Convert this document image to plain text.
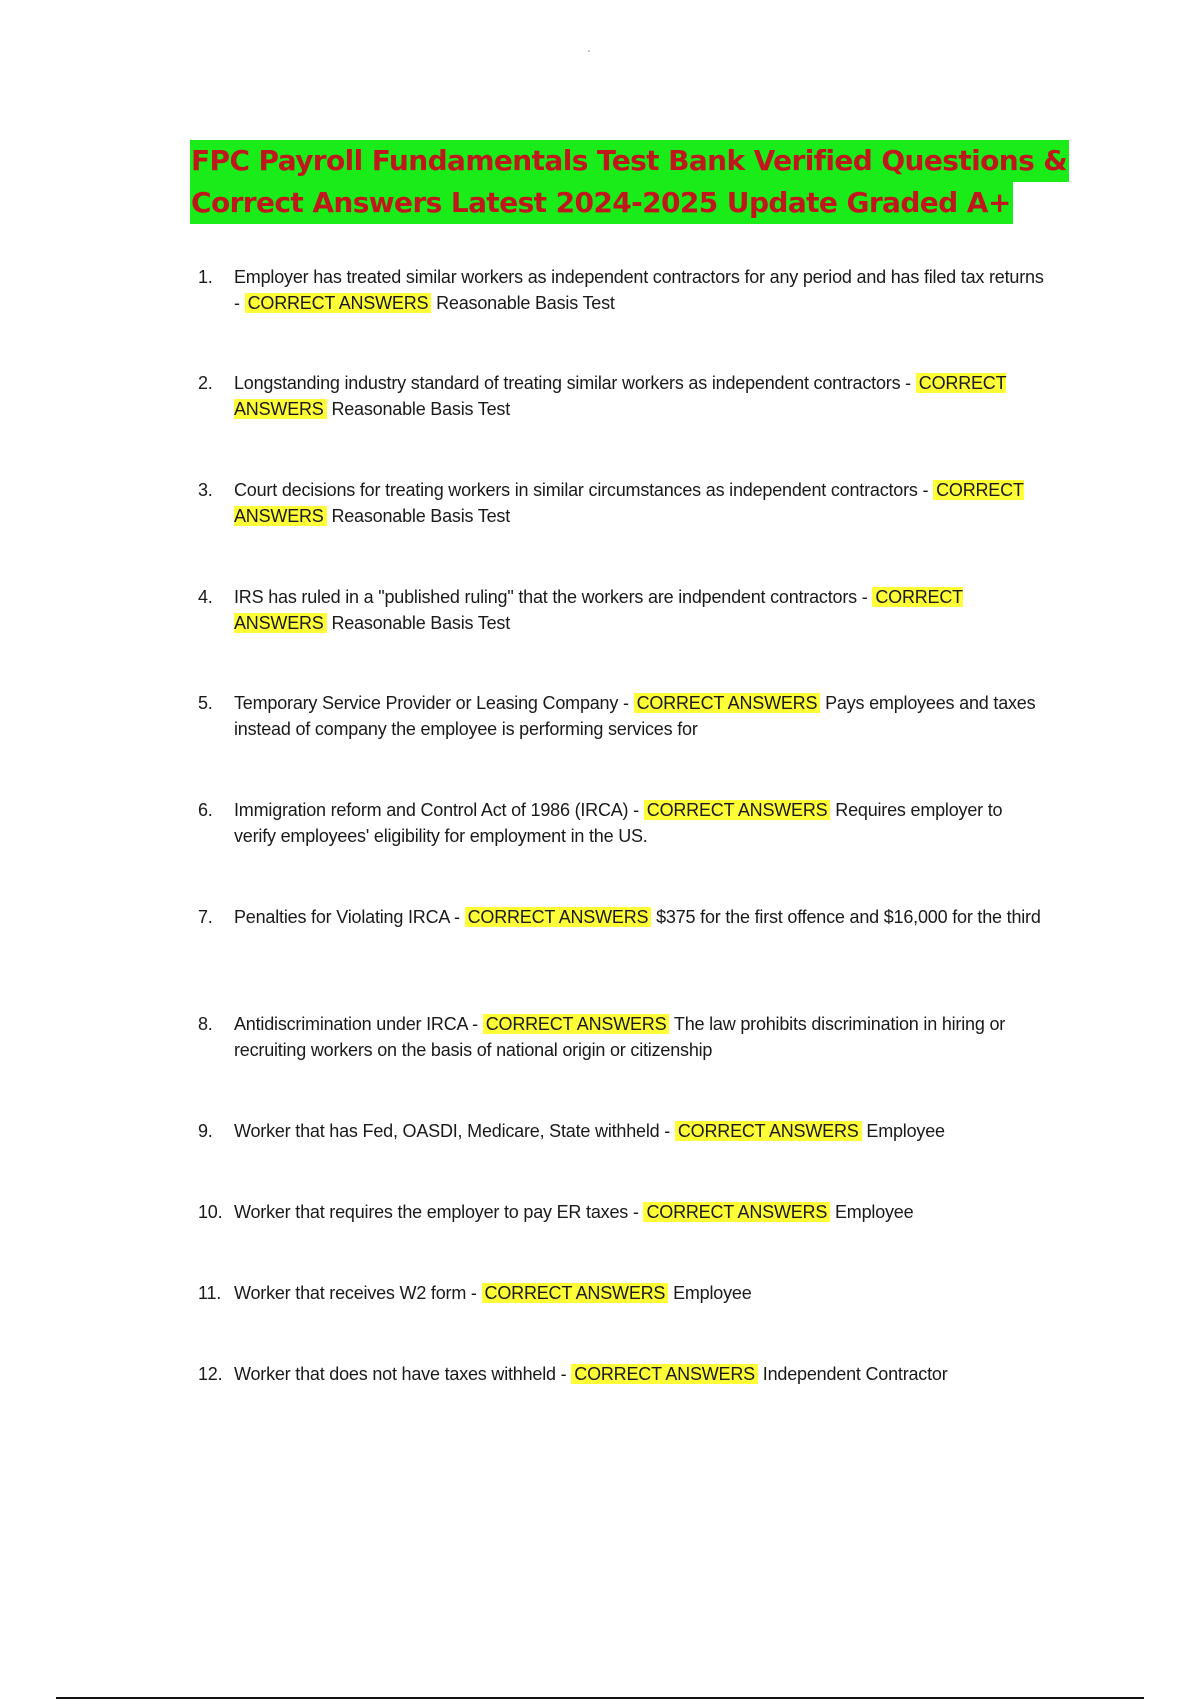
FPC Payroll Fundamentals Test Bank Verified Questions &
Correct Answers Latest 2024-2025 Update Graded A+
1.	Employer has treated similar workers as independent contractors for any period and has filed tax returns - CORRECT ANSWERS Reasonable Basis Test
2.	Longstanding industry standard of treating similar workers as independent contractors - CORRECT ANSWERS Reasonable Basis Test
3.	Court decisions for treating workers in similar circumstances as independent contractors - CORRECT ANSWERS Reasonable Basis Test
4.	IRS has ruled in a "published ruling" that the workers are indpendent contractors - CORRECT ANSWERS Reasonable Basis Test
5.	Temporary Service Provider or Leasing Company - CORRECT ANSWERS Pays employees and taxes instead of company the employee is performing services for
6.	Immigration reform and Control Act of 1986 (IRCA) - CORRECT ANSWERS Requires employer to verify employees' eligibility for employment in the US.
7.	Penalties for Violating IRCA - CORRECT ANSWERS $375 for the first offence and $16,000 for the third
8.	Antidiscrimination under IRCA - CORRECT ANSWERS The law prohibits discrimination in hiring or recruiting workers on the basis of national origin or citizenship
9.	Worker that has Fed, OASDI, Medicare, State withheld - CORRECT ANSWERS Employee
10. Worker that requires the employer to pay ER taxes - CORRECT ANSWERS Employee
11. Worker that receives W2 form - CORRECT ANSWERS Employee
12. Worker that does not have taxes withheld - CORRECT ANSWERS Independent Contractor
